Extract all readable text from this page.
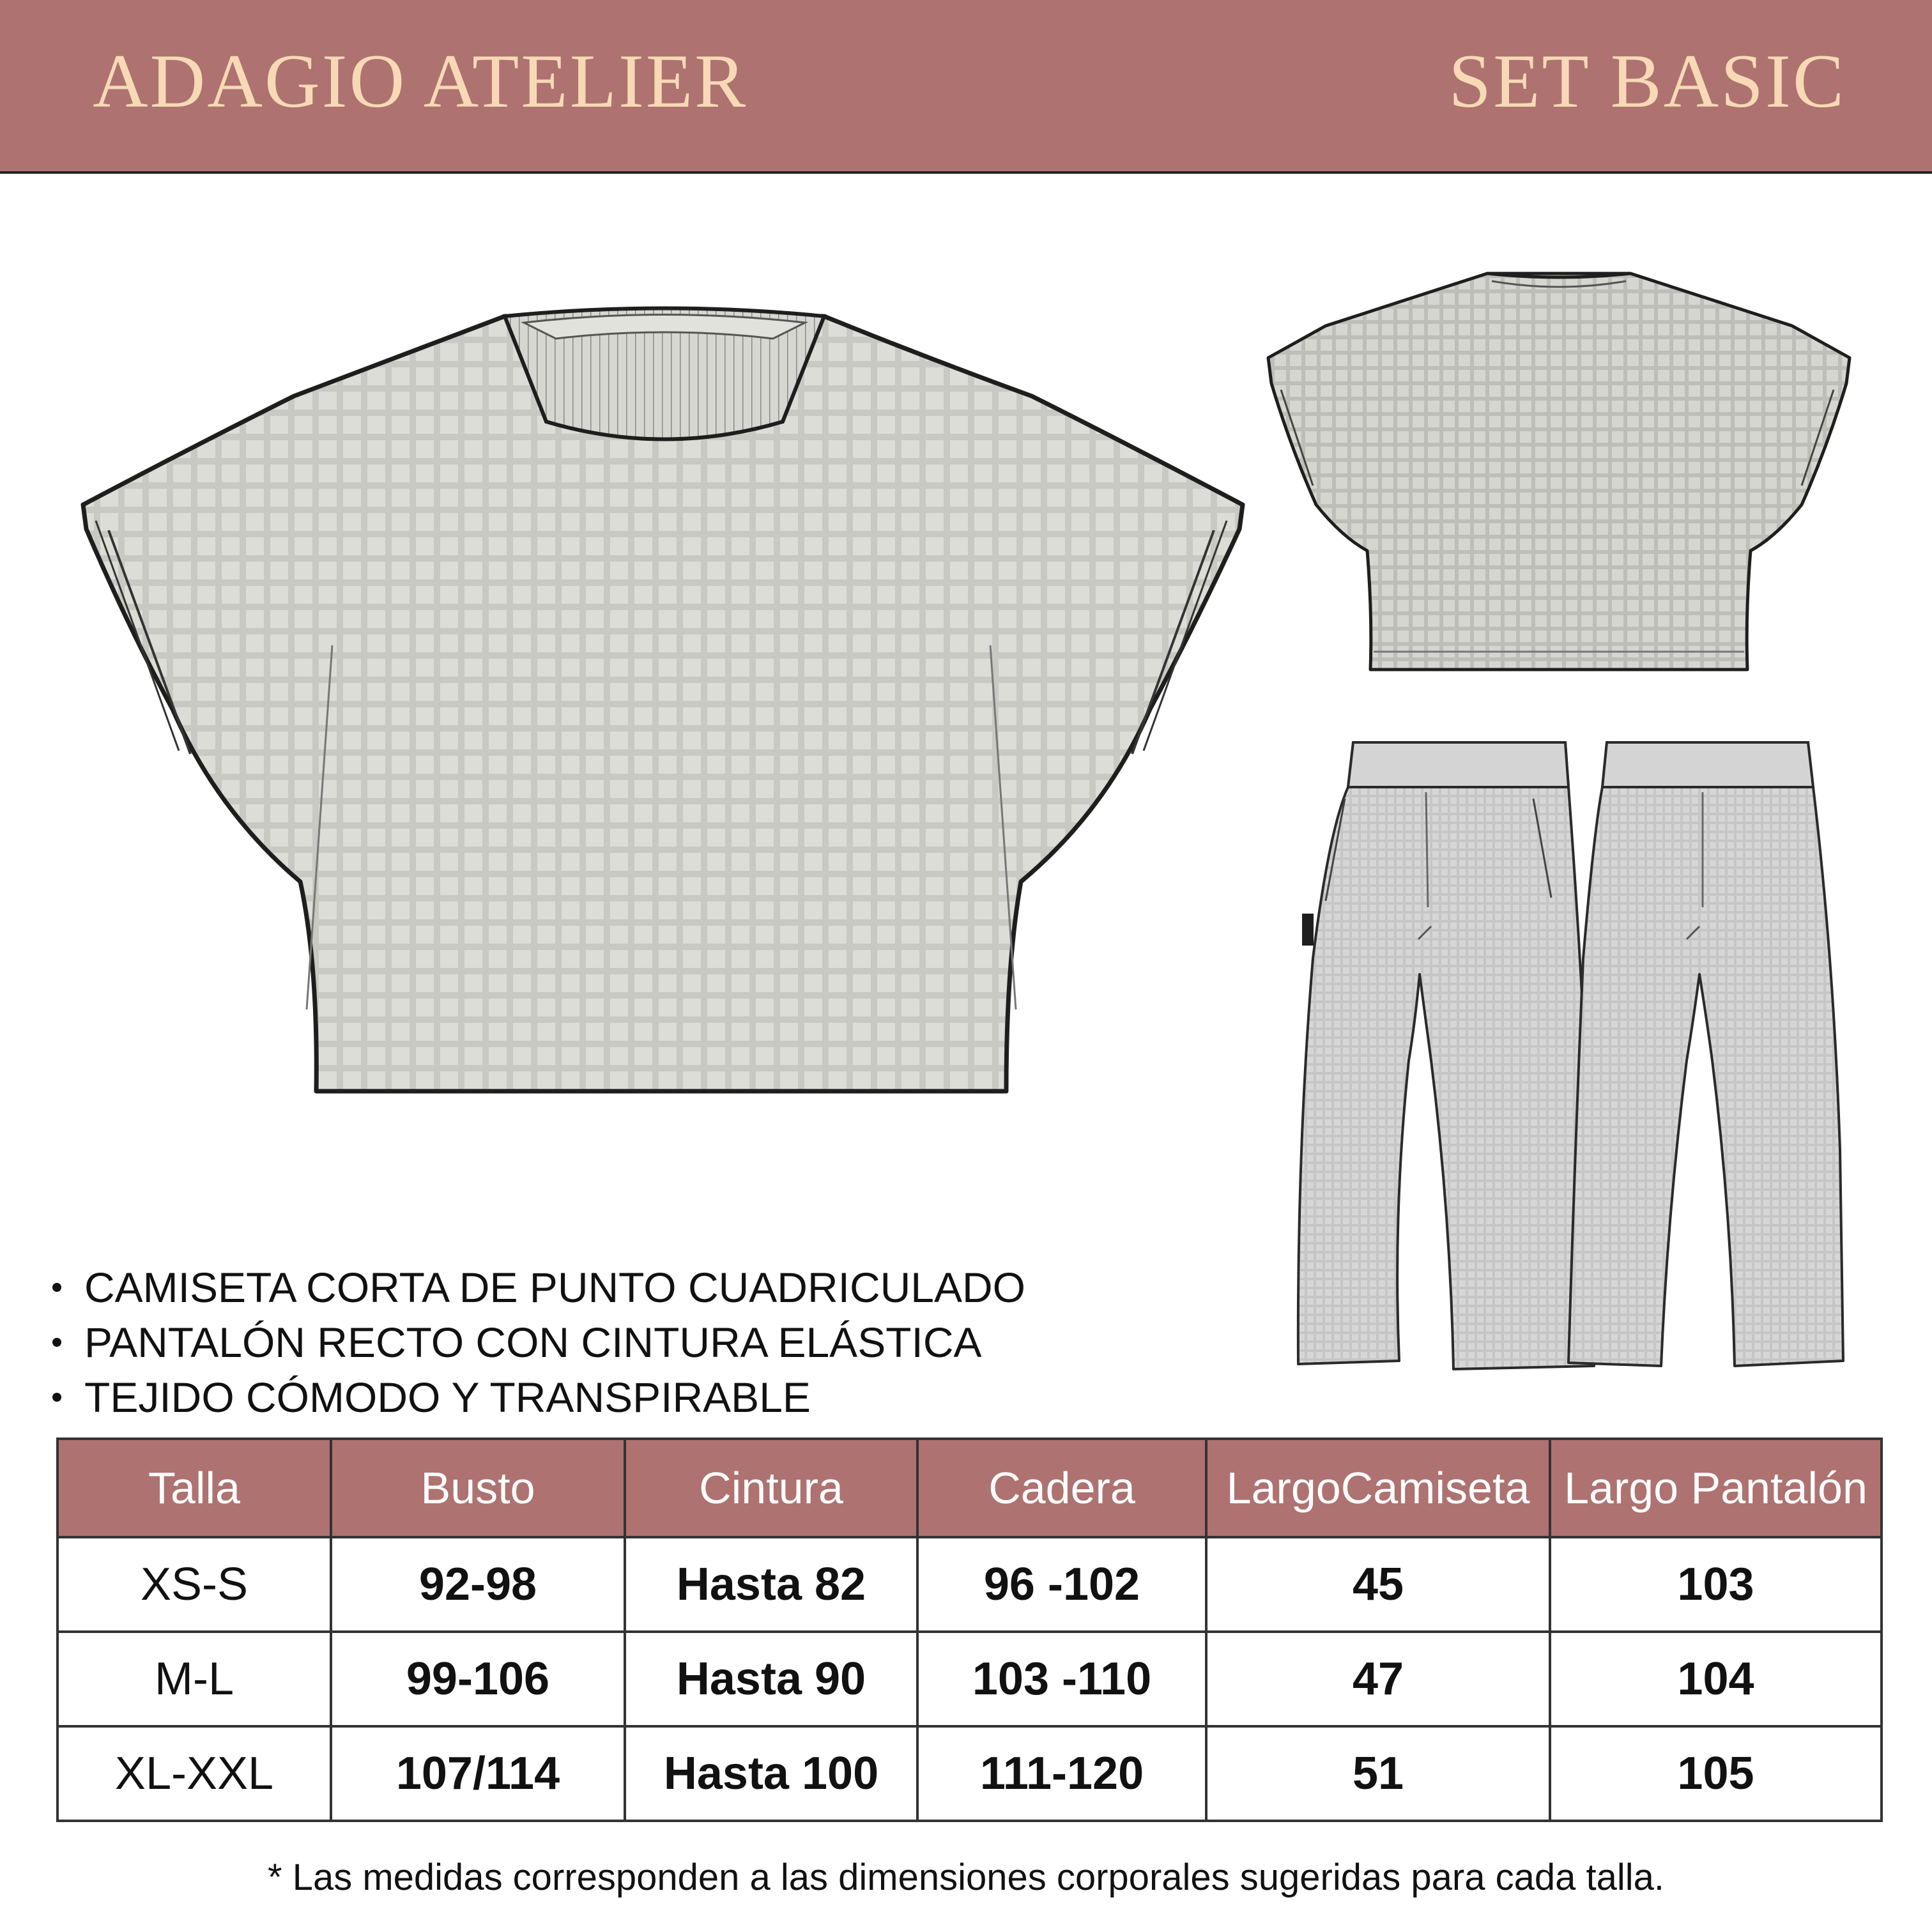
ADAGIO ATELIER	SET BASIC
CAMISETA CORTA DE PUNTO CUADRICULADO
PANTALÓN RECTO CON CINTURA ELÁSTICA
TEJIDO CÓMODO Y TRANSPIRABLE
Talla	Busto	Cintura	Cadera	LargoCamiseta	Largo Pantalón
XS-S	92-98	Hasta 82	96 -102	45	103
M-L	99-106	Hasta 90	103 -110	47	104
XL-XXL	107/114	Hasta 100	111-120	51	105
* Las medidas corresponden a las dimensiones corporales sugeridas para cada talla.
